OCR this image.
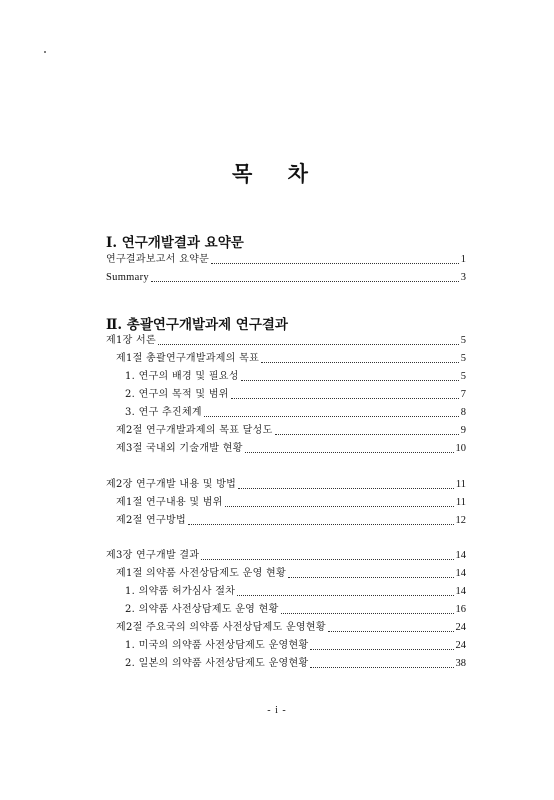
목 차
Ⅰ. 연구개발결과 요약문
연구결과보고서 요약문	1
Summary	3
Ⅱ. 총괄연구개발과제 연구결과
제1장 서론	5
제1절 총괄연구개발과제의 목표	5
1. 연구의 배경 및 필요성	5
2. 연구의 목적 및 범위	7
3. 연구 추진체계	8
제2절 연구개발과제의 목표 달성도	9
제3절 국내외 기술개발 현황	10
제2장 연구개발 내용 및 방법	11
제1절 연구내용 및 범위	11
제2절 연구방법	12
제3장 연구개발 결과	14
제1절 의약품 사전상담제도 운영 현황	14
1. 의약품 허가심사 절차	14
2. 의약품 사전상담제도 운영 현황	16
제2절 주요국의 의약품 사전상담제도 운영현황	24
1. 미국의 의약품 사전상담제도 운영현황	24
2. 일본의 의약품 사전상담제도 운영현황	38
- i -
